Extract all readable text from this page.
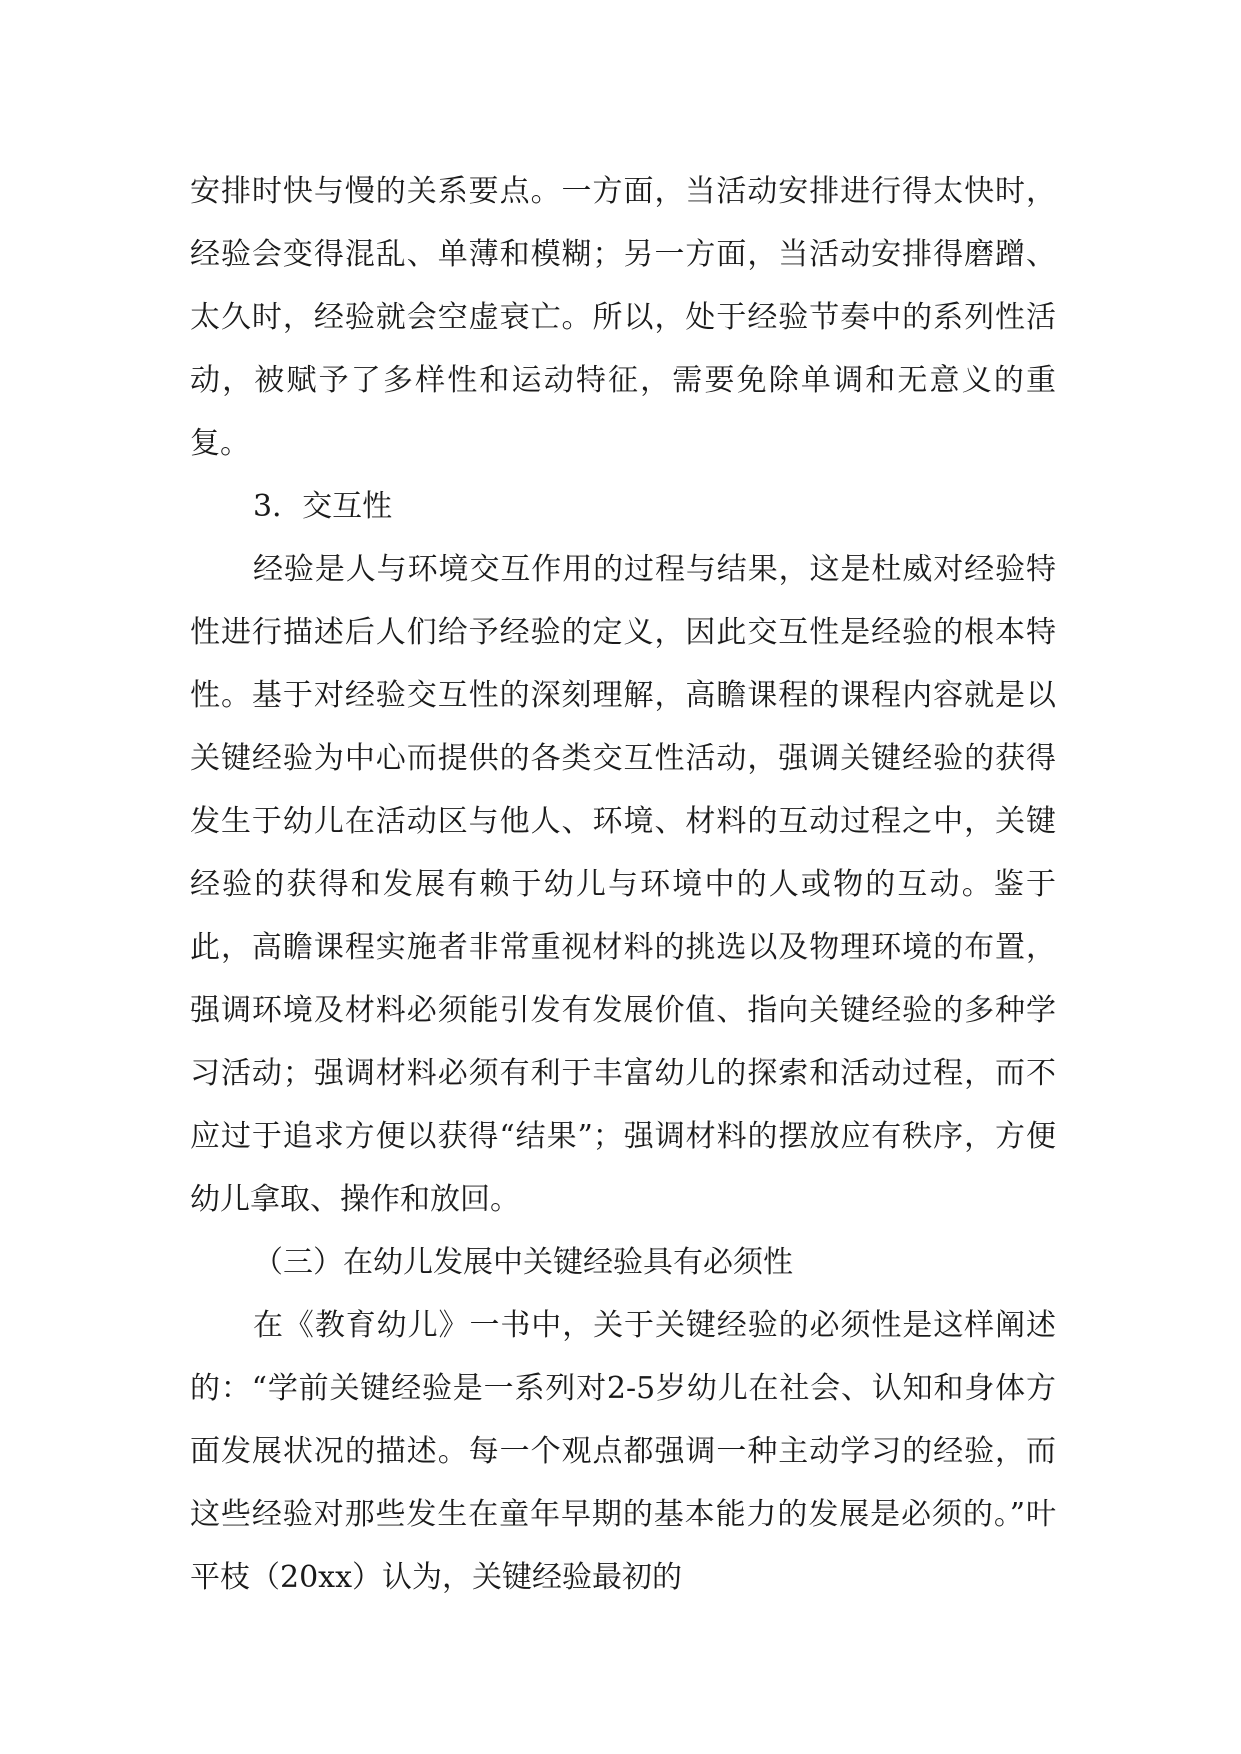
安排时快与慢的关系要点。一方面，当活动安排进行得太快时，经验会变得混乱、单薄和模糊；另一方面，当活动安排得磨蹭、太久时，经验就会空虚衰亡。所以，处于经验节奏中的系列性活动，被赋予了多样性和运动特征，需要免除单调和无意义的重复。

3．交互性

经验是人与环境交互作用的过程与结果，这是杜威对经验特性进行描述后人们给予经验的定义，因此交互性是经验的根本特性。基于对经验交互性的深刻理解，高瞻课程的课程内容就是以关键经验为中心而提供的各类交互性活动，强调关键经验的获得发生于幼儿在活动区与他人、环境、材料的互动过程之中，关键经验的获得和发展有赖于幼儿与环境中的人或物的互动。鉴于此，高瞻课程实施者非常重视材料的挑选以及物理环境的布置，强调环境及材料必须能引发有发展价值、指向关键经验的多种学习活动；强调材料必须有利于丰富幼儿的探索和活动过程，而不应过于追求方便以获得“结果”；强调材料的摆放应有秩序，方便幼儿拿取、操作和放回。

（三）在幼儿发展中关键经验具有必须性

在《教育幼儿》一书中，关于关键经验的必须性是这样阐述的：“学前关键经验是一系列对2-5岁幼儿在社会、认知和身体方面发展状况的描述。每一个观点都强调一种主动学习的经验，而这些经验对那些发生在童年早期的基本能力的发展是必须的。”叶平枝（20xx）认为，关键经验最初的
